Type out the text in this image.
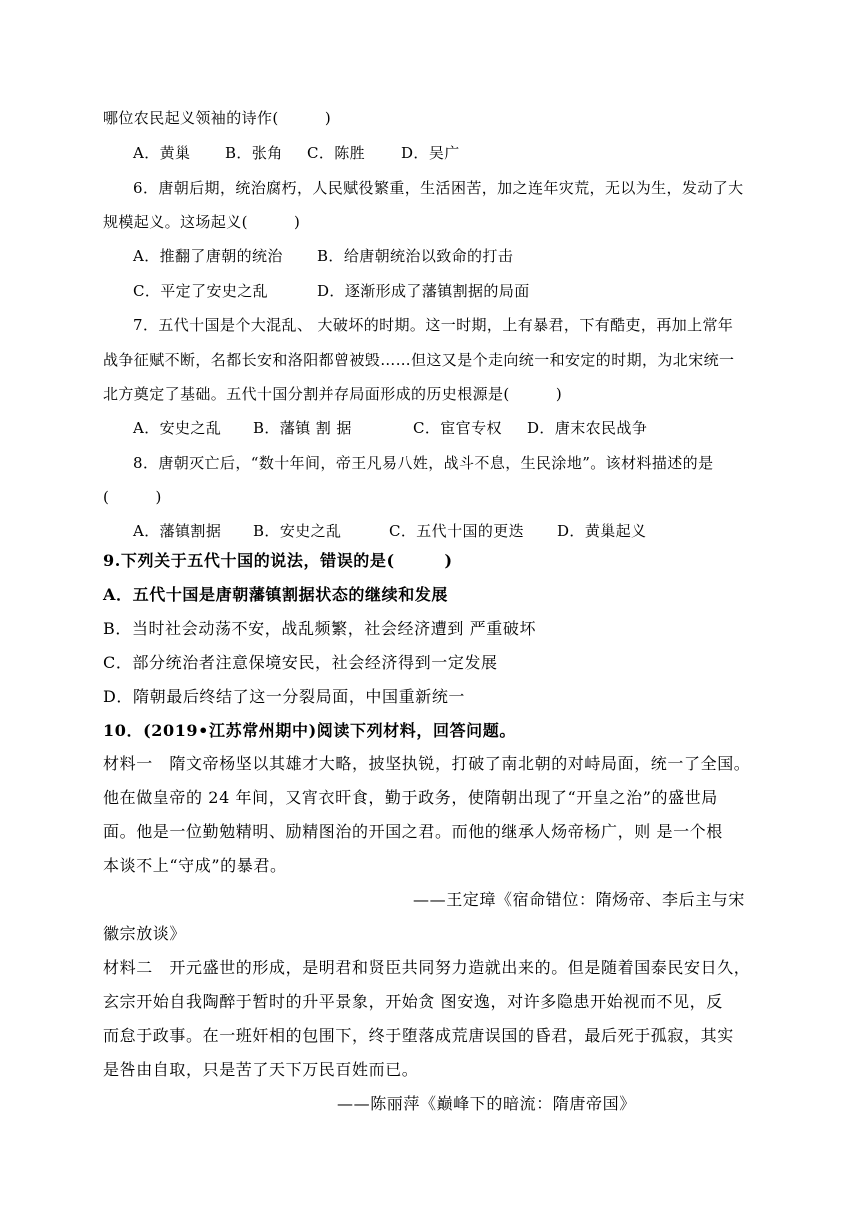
哪位农民起义领袖的诗作(　　　)
A．黄巢 B．张角 C．陈胜 D．吴广
6．唐朝后期，统治腐朽，人民赋役繁重，生活困苦，加之连年灾荒，无以为生，发动了大
规模起义。这场起义(　　　)
A．推翻了唐朝的统治 B．给唐朝统治以致命的打击
C．平定了安史之乱	D．逐渐形成了藩镇割据的局面
7．五代十国是个大混乱、 大破坏的时期。这一时期，上有暴君，下有酷吏，再加上常年
战争征赋不断，名都长安和洛阳都曾被毁……但这又是个走向统一和安定的时期，为北宋统一
北方奠定了基础。五代十国分割并存局面形成的历史根源是(　　　)
A．安史之乱 B．藩镇 割 据	C．宦官专权 D．唐末农民战争
8．唐朝灭亡后，“数十年间，帝王凡易八姓，战斗不息，生民涂地”。该材料描述的是
(　　　)
A．藩镇割据 B．安史之乱	C．五代十国的更迭 D．黄巢起义
9.下列关于五代十国的说法，错误的是(　　　)
A．五代十国是唐朝藩镇割据状态的继续和发展
B．当时社会动荡不安，战乱频繁，社会经济遭到 严重破坏
C．部分统治者注意保境安民，社会经济得到一定发展
D．隋朝最后终结了这一分裂局面，中国重新统一
10．(2019•江苏常州期中)阅读下列材料，回答问题。
材料一　隋文帝杨坚以其雄才大略，披坚执锐，打破了南北朝的对峙局面，统一了全国。
他在做皇帝的 24 年间，又宵衣旰食，勤于政务，使隋朝出现了“开皇之治”的盛世局
面。他是一位勤勉精明、励精图治的开国之君。而他的继承人炀帝杨广，则 是一个根
本谈不上“守成”的暴君。
——王定璋《宿命错位：隋炀帝、李后主与宋
徽宗放谈》
材料二　开元盛世的形成，是明君和贤臣共同努力造就出来的。但是随着国泰民安日久，
玄宗开始自我陶醉于暂时的升平景象，开始贪 图安逸，对许多隐患开始视而不见，反
而怠于政事。在一班奸相的包围下，终于堕落成荒唐误国的昏君，最后死于孤寂，其实
是咎由自取，只是苦了天下万民百姓而已。
——陈丽萍《巅峰下的暗流：隋唐帝国》
